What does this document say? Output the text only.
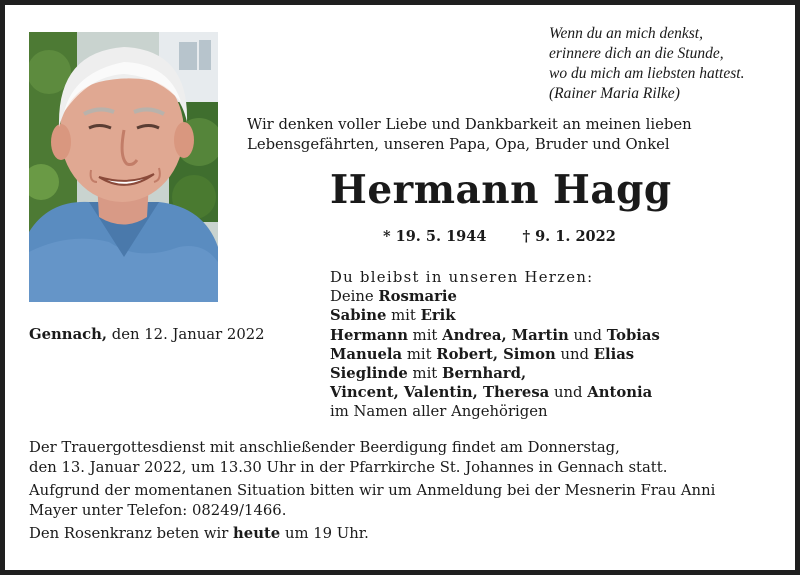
Wenn du an mich denkst,
erinnere dich an die Stunde,
wo du mich am liebsten hattest.
(Rainer Maria Rilke)
Wir denken voller Liebe und Dankbarkeit an meinen lieben
Lebensgefährten, unseren Papa, Opa, Bruder und Onkel
Hermann Hagg
* 19. 5. 1944 † 9. 1. 2022
Gennach, den 12. Januar 2022
Du bleibst in unseren Herzen:
Deine Rosmarie
Sabine mit Erik
Hermann mit Andrea, Martin und Tobias
Manuela mit Robert, Simon und Elias
Sieglinde mit Bernhard,
Vincent, Valentin, Theresa und Antonia
im Namen aller Angehörigen

Der Trauergottesdienst mit anschließender Beerdigung findet am Donnerstag,
den 13. Januar 2022, um 13.30 Uhr in der Pfarrkirche St. Johannes in Gennach statt.

Aufgrund der momentanen Situation bitten wir um Anmeldung bei der Mesnerin Frau Anni
Mayer unter Telefon: 08249/1466.

Den Rosenkranz beten wir heute um 19 Uhr.
